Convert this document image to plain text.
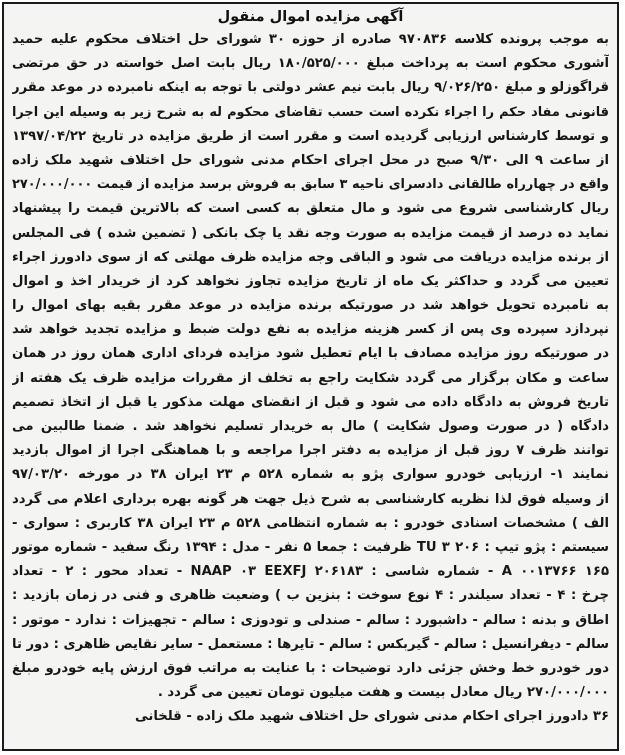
آگهی مزایده اموال منقول
به موجب پرونده کلاسه ۹۷۰۸۳۶ صادره از حوزه ۳۰ شورای حل اختلاف محکوم علیه حمید
آشوری محکوم است به پرداخت مبلغ ۱۸۰/۵۲۵/۰۰۰ ریال بابت اصل خواسته در حق مرتضی
قراگوزلو و مبلغ ۹/۰۲۶/۲۵۰ ریال بابت نیم عشر دولتی با توجه به اینکه نامبرده در موعد مقرر
قانونی مفاد حکم را اجراء نکرده است حسب تقاضای محکوم له به شرح زیر به وسیله این اجرا
و توسط کارشناس ارزیابی گردیده است و مقرر است از طریق مزایده در تاریخ ۱۳۹۷/۰۴/۲۲
از ساعت ۹ الی ۹/۳۰ صبح در محل اجرای احکام مدنی شورای حل اختلاف شهید ملک زاده
واقع در چهارراه طالقانی دادسرای ناحیه ۳ سابق به فروش برسد مزایده از قیمت ۲۷۰/۰۰۰/۰۰۰
ریال کارشناسی شروع می شود و مال متعلق به کسی است که بالاترین قیمت را پیشنهاد
نماید ده درصد از قیمت مزایده به صورت وجه نقد یا چک بانکی ( تضمین شده ) فی المجلس
از برنده مزایده دریافت می شود و الباقی وجه مزایده ظرف مهلتی که از سوی دادورز اجراء
تعیین می گردد و حداکثر یک ماه از تاریخ مزایده تجاوز نخواهد کرد از خریدار اخذ و اموال
به نامبرده تحویل خواهد شد در صورتیکه برنده مزایده در موعد مقرر بقیه بهای اموال را
نپردازد سپرده وی پس از کسر هزینه مزایده به نفع دولت ضبط و مزایده تجدید خواهد شد
در صورتیکه روز مزایده مصادف با ایام تعطیل شود مزایده فردای اداری همان روز در همان
ساعت و مکان برگزار می گردد شکایت راجع به تخلف از مقررات مزایده ظرف یک هفته از
تاریخ فروش به دادگاه داده می شود و قبل از انقضای مهلت مذکور یا قبل از اتخاذ تصمیم
دادگاه ( در صورت وصول شکایت ) مال به خریدار تسلیم نخواهد شد . ضمنا طالبین می
توانند ظرف ۷ روز قبل از مزایده به دفتر اجرا مراجعه و با هماهنگی اجرا از اموال بازدید
نمایند ۱- ارزیابی خودرو سواری پژو به شماره ۵۲۸ م ۲۳ ایران ۳۸ در مورخه ۹۷/۰۳/۲۰
از وسیله فوق لذا نظریه کارشناسی به شرح ذیل جهت هر گونه بهره برداری اعلام می گردد
الف ) مشخصات اسنادی خودرو : به شماره انتظامی ۵۲۸ م ۲۳ ایران ۳۸ کاربری : سواری -
سیستم : پژو تیپ : TU ۳ ۲۰۶ ظرفیت : جمعا ۵ نفر - مدل : ۱۳۹۴ رنگ سفید - شماره موتور
۱۶۵ A ۰۰۱۳۷۶۶ - شماره شاسی : NAAP ۰۳ EEXFJ ۲۰۶۱۸۳ - تعداد محور : ۲ - تعداد
چرخ : ۴ - تعداد سیلندر : ۴ نوع سوخت : بنزین ب ) وضعیت ظاهری و فنی در زمان بازدید :
اطاق و بدنه : سالم - داشبورد : سالم - صندلی و تودوزی : سالم - تجهیزات : ندارد - موتور :
سالم - دیفرانسیل : سالم - گیربکس : سالم - تایرها : مستعمل - سایر نقایص ظاهری : دور تا
دور خودرو خط وخش جزئی دارد توضیحات : با عنایت به مراتب فوق ارزش پایه خودرو مبلغ
۲۷۰/۰۰۰/۰۰۰ ریال معادل بیست و هفت میلیون تومان تعیین می گردد .
۳۶ دادورز اجرای احکام مدنی شورای حل اختلاف شهید ملک زاده - قلخانی
